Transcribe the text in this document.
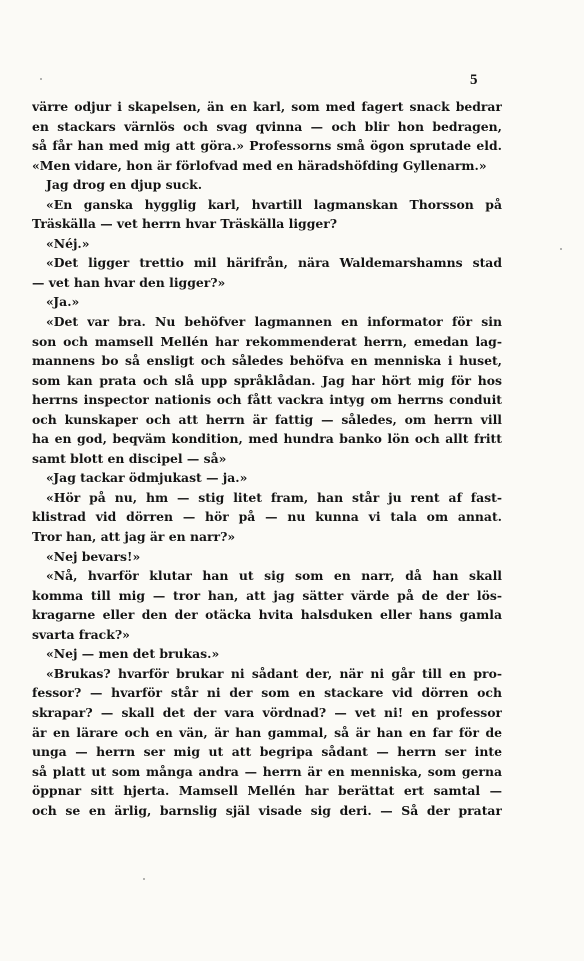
5
värre odjur i skapelsen, än en karl, som med fagert snack bedrar
en stackars värnlös och svag qvinna — och blir hon bedragen,
så får han med mig att göra.» Professorns små ögon sprutade eld.
«Men vidare, hon är förlofvad med en häradshöfding Gyllenarm.»
Jag drog en djup suck.
«En ganska hygglig karl, hvartill lagmanskan Thorsson på
Träskälla — vet herrn hvar Träskälla ligger?
«Néj.»
«Det ligger trettio mil härifrån, nära Waldemarshamns stad
— vet han hvar den ligger?»
«Ja.»
«Det var bra. Nu behöfver lagmannen en informator för sin
son och mamsell Mellén har rekommenderat herrn, emedan lag-
mannens bo så ensligt och således behöfva en menniska i huset,
som kan prata och slå upp språklådan. Jag har hört mig för hos
herrns inspector nationis och fått vackra intyg om herrns conduit
och kunskaper och att herrn är fattig — således, om herrn vill
ha en god, beqväm kondition, med hundra banko lön och allt fritt
samt blott en discipel — så»
«Jag tackar ödmjukast — ja.»
«Hör på nu, hm — stig litet fram, han står ju rent af fast-
klistrad vid dörren — hör på — nu kunna vi tala om annat.
Tror han, att jag är en narr?»
«Nej bevars!»
«Nå, hvarför klutar han ut sig som en narr, då han skall
komma till mig — tror han, att jag sätter värde på de der lös-
kragarne eller den der otäcka hvita halsduken eller hans gamla
svarta frack?»
«Nej — men det brukas.»
«Brukas? hvarför brukar ni sådant der, när ni går till en pro-
fessor? — hvarför står ni der som en stackare vid dörren och
skrapar? — skall det der vara vördnad? — vet ni! en professor
är en lärare och en vän, är han gammal, så är han en far för de
unga — herrn ser mig ut att begripa sådant — herrn ser inte
så platt ut som många andra — herrn är en menniska, som gerna
öppnar sitt hjerta. Mamsell Mellén har berättat ert samtal —
och se en ärlig, barnslig själ visade sig deri. — Så der pratar
